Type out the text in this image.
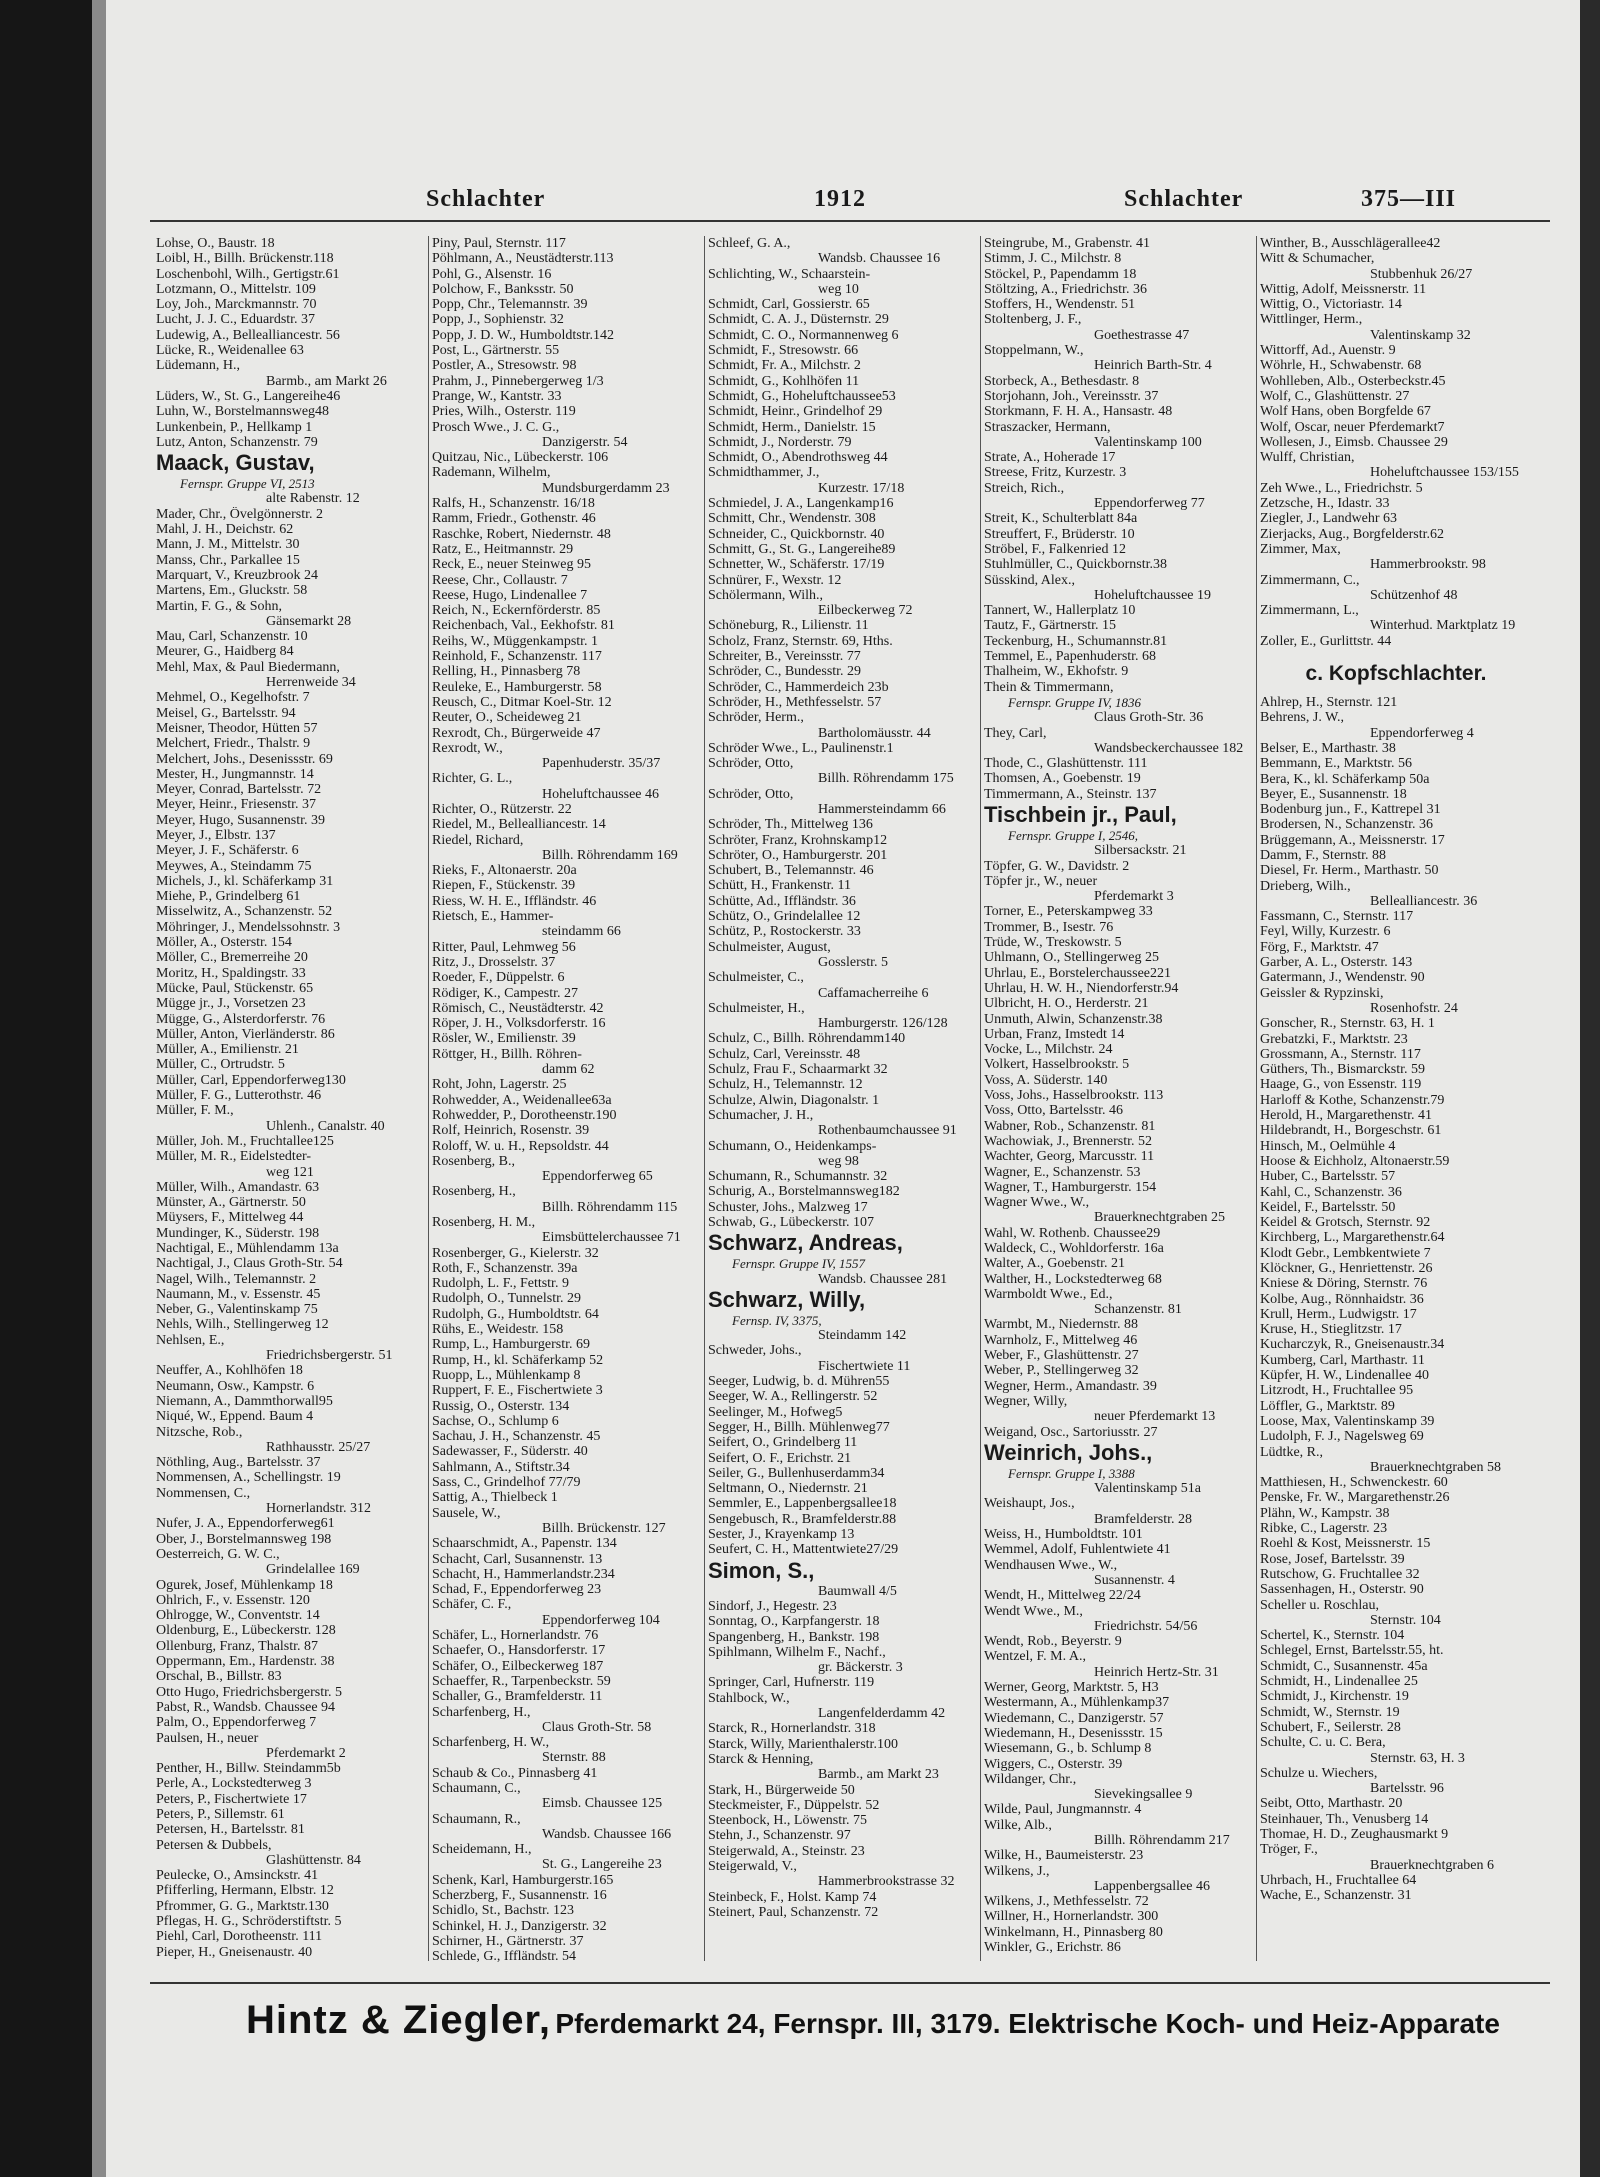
Schlachter	1912	Schlachter	375—III
Lohse, O., Baustr. 18
Loibl, H., Billh. Brückenstr.118
Loschenbohl, Wilh., Gertigstr.61
Lotzmann, O., Mittelstr. 109
Loy, Joh., Marckmannstr. 70
Lucht, J. J. C., Eduardstr. 37
Ludewig, A., Bellealliancestr. 56
Lücke, R., Weidenallee 63
Lüdemann, H.,
Barmb., am Markt 26
Lüders, W., St. G., Langereihe46
Luhn, W., Borstelmannsweg48
Lunkenbein, P., Hellkamp 1
Lutz, Anton, Schanzenstr. 79
Maack, Gustav,
Fernspr. Gruppe VI, 2513
alte Rabenstr. 12
Mader, Chr., Övelgönnerstr. 2
Mahl, J. H., Deichstr. 62
Mann, J. M., Mittelstr. 30
Manss, Chr., Parkallee 15
Marquart, V., Kreuzbrook 24
Martens, Em., Gluckstr. 58
Martin, F. G., & Sohn,
Gänsemarkt 28
Mau, Carl, Schanzenstr. 10
Meurer, G., Haidberg 84
Mehl, Max, & Paul Biedermann,
Herrenweide 34
Mehmel, O., Kegelhofstr. 7
Meisel, G., Bartelsstr. 94
Meisner, Theodor, Hütten 57
Melchert, Friedr., Thalstr. 9
Melchert, Johs., Desenissstr. 69
Mester, H., Jungmannstr. 14
Meyer, Conrad, Bartelsstr. 72
Meyer, Heinr., Friesenstr. 37
Meyer, Hugo, Susannenstr. 39
Meyer, J., Elbstr. 137
Meyer, J. F., Schäferstr. 6
Meywes, A., Steindamm 75
Michels, J., kl. Schäferkamp 31
Miehe, P., Grindelberg 61
Misselwitz, A., Schanzenstr. 52
Möhringer, J., Mendelssohnstr. 3
Möller, A., Osterstr. 154
Möller, C., Bremerreihe 20
Moritz, H., Spaldingstr. 33
Mücke, Paul, Stückenstr. 65
Mügge jr., J., Vorsetzen 23
Mügge, G., Alsterdorferstr. 76
Müller, Anton, Vierländerstr. 86
Müller, A., Emilienstr. 21
Müller, C., Ortrudstr. 5
Müller, Carl, Eppendorferweg130
Müller, F. G., Lutterothstr. 46
Müller, F. M.,
Uhlenh., Canalstr. 40
Müller, Joh. M., Fruchtallee125
Müller, M. R., Eidelstedter-
weg 121
Müller, Wilh., Amandastr. 63
Münster, A., Gärtnerstr. 50
Müysers, F., Mittelweg 44
Mundinger, K., Süderstr. 198
Nachtigal, E., Mühlendamm 13a
Nachtigal, J., Claus Groth-Str. 54
Nagel, Wilh., Telemannstr. 2
Naumann, M., v. Essenstr. 45
Neber, G., Valentinskamp 75
Nehls, Wilh., Stellingerweg 12
Nehlsen, E.,
Friedrichsbergerstr. 51
Neuffer, A., Kohlhöfen 18
Neumann, Osw., Kampstr. 6
Niemann, A., Dammthorwall95
Niqué, W., Eppend. Baum 4
Nitzsche, Rob.,
Rathhausstr. 25/27
Nöthling, Aug., Bartelsstr. 37
Nommensen, A., Schellingstr. 19
Nommensen, C.,
Hornerlandstr. 312
Nufer, J. A., Eppendorferweg61
Ober, J., Borstelmannsweg 198
Oesterreich, G. W. C.,
Grindelallee 169
Ogurek, Josef, Mühlenkamp 18
Ohlrich, F., v. Essenstr. 120
Ohlrogge, W., Conventstr. 14
Oldenburg, E., Lübeckerstr. 128
Ollenburg, Franz, Thalstr. 87
Oppermann, Em., Hardenstr. 38
Orschal, B., Billstr. 83
Otto Hugo, Friedrichsbergerstr. 5
Pabst, R., Wandsb. Chaussee 94
Palm, O., Eppendorferweg 7
Paulsen, H., neuer
Pferdemarkt 2
Penther, H., Billw. Steindamm5b
Perle, A., Lockstedterweg 3
Peters, P., Fischertwiete 17
Peters, P., Sillemstr. 61
Petersen, H., Bartelsstr. 81
Petersen & Dubbels,
Glashüttenstr. 84
Peulecke, O., Amsinckstr. 41
Pfifferling, Hermann, Elbstr. 12
Pfrommer, G. G., Marktstr.130
Pflegas, H. G., Schröderstiftstr. 5
Piehl, Carl, Dorotheenstr. 111
Pieper, H., Gneisenaustr. 40
Piny, Paul, Sternstr. 117
Pöhlmann, A., Neustädterstr.113
Pohl, G., Alsenstr. 16
Polchow, F., Banksstr. 50
Popp, Chr., Telemannstr. 39
Popp, J., Sophienstr. 32
Popp, J. D. W., Humboldtstr.142
Post, L., Gärtnerstr. 55
Postler, A., Stresowstr. 98
Prahm, J., Pinnebergerweg 1/3
Prange, W., Kantstr. 33
Pries, Wilh., Osterstr. 119
Prosch Wwe., J. C. G.,
Danzigerstr. 54
Quitzau, Nic., Lübeckerstr. 106
Rademann, Wilhelm,
Mundsburgerdamm 23
Ralfs, H., Schanzenstr. 16/18
Ramm, Friedr., Gothenstr. 46
Raschke, Robert, Niedernstr. 48
Ratz, E., Heitmannstr. 29
Reck, E., neuer Steinweg 95
Reese, Chr., Collaustr. 7
Reese, Hugo, Lindenallee 7
Reich, N., Eckernförderstr. 85
Reichenbach, Val., Eekhofstr. 81
Reihs, W., Müggenkampstr. 1
Reinhold, F., Schanzenstr. 117
Relling, H., Pinnasberg 78
Reuleke, E., Hamburgerstr. 58
Reusch, C., Ditmar Koel-Str. 12
Reuter, O., Scheideweg 21
Rexrodt, Ch., Bürgerweide 47
Rexrodt, W.,
Papenhuderstr. 35/37
Richter, G. L.,
Hoheluftchaussee 46
Richter, O., Rützerstr. 22
Riedel, M., Bellealliancestr. 14
Riedel, Richard,
Billh. Röhrendamm 169
Rieks, F., Altonaerstr. 20a
Riepen, F., Stückenstr. 39
Riess, W. H. E., Iffländstr. 46
Rietsch, E., Hammer-
steindamm 66
Ritter, Paul, Lehmweg 56
Ritz, J., Drosselstr. 37
Roeder, F., Düppelstr. 6
Rödiger, K., Campestr. 27
Römisch, C., Neustädterstr. 42
Röper, J. H., Volksdorferstr. 16
Rösler, W., Emilienstr. 39
Röttger, H., Billh. Röhren-
damm 62
Roht, John, Lagerstr. 25
Rohwedder, A., Weidenallee63a
Rohwedder, P., Dorotheenstr.190
Rolf, Heinrich, Rosenstr. 39
Roloff, W. u. H., Repsoldstr. 44
Rosenberg, B.,
Eppendorferweg 65
Rosenberg, H.,
Billh. Röhrendamm 115
Rosenberg, H. M.,
Eimsbüttelerchaussee 71
Rosenberger, G., Kielerstr. 32
Roth, F., Schanzenstr. 39a
Rudolph, L. F., Fettstr. 9
Rudolph, O., Tunnelstr. 29
Rudolph, G., Humboldtstr. 64
Rühs, E., Weidestr. 158
Rump, L., Hamburgerstr. 69
Rump, H., kl. Schäferkamp 52
Ruopp, L., Mühlenkamp 8
Ruppert, F. E., Fischertwiete 3
Russig, O., Osterstr. 134
Sachse, O., Schlump 6
Sachau, J. H., Schanzenstr. 45
Sadewasser, F., Süderstr. 40
Sahlmann, A., Stiftstr.34
Sass, C., Grindelhof 77/79
Sattig, A., Thielbeck 1
Sausele, W.,
Billh. Brückenstr. 127
Schaarschmidt, A., Papenstr. 134
Schacht, Carl, Susannenstr. 13
Schacht, H., Hammerlandstr.234
Schad, F., Eppendorferweg 23
Schäfer, C. F.,
Eppendorferweg 104
Schäfer, L., Hornerlandstr. 76
Schaefer, O., Hansdorferstr. 17
Schäfer, O., Eilbeckerweg 187
Schaeffer, R., Tarpenbeckstr. 59
Schaller, G., Bramfelderstr. 11
Scharfenberg, H.,
Claus Groth-Str. 58
Scharfenberg, H. W.,
Sternstr. 88
Schaub & Co., Pinnasberg 41
Schaumann, C.,
Eimsb. Chaussee 125
Schaumann, R.,
Wandsb. Chaussee 166
Scheidemann, H.,
St. G., Langereihe 23
Schenk, Karl, Hamburgerstr.165
Scherzberg, F., Susannenstr. 16
Schidlo, St., Bachstr. 123
Schinkel, H. J., Danzigerstr. 32
Schirner, H., Gärtnerstr. 37
Schlede, G., Iffländstr. 54
Schleef, G. A.,
Wandsb. Chaussee 16
Schlichting, W., Schaarstein-
weg 10
Schmidt, Carl, Gossierstr. 65
Schmidt, C. A. J., Düsternstr. 29
Schmidt, C. O., Normannenweg 6
Schmidt, F., Stresowstr. 66
Schmidt, Fr. A., Milchstr. 2
Schmidt, G., Kohlhöfen 11
Schmidt, G., Hoheluftchaussee53
Schmidt, Heinr., Grindelhof 29
Schmidt, Herm., Danielstr. 15
Schmidt, J., Norderstr. 79
Schmidt, O., Abendrothsweg 44
Schmidthammer, J.,
Kurzestr. 17/18
Schmiedel, J. A., Langenkamp16
Schmitt, Chr., Wendenstr. 308
Schneider, C., Quickbornstr. 40
Schmitt, G., St. G., Langereihe89
Schnetter, W., Schäferstr. 17/19
Schnürer, F., Wexstr. 12
Schölermann, Wilh.,
Eilbeckerweg 72
Schöneburg, R., Lilienstr. 11
Scholz, Franz, Sternstr. 69, Hths.
Schreiter, B., Vereinsstr. 77
Schröder, C., Bundesstr. 29
Schröder, C., Hammerdeich 23b
Schröder, H., Methfesselstr. 57
Schröder, Herm.,
Bartholomäusstr. 44
Schröder Wwe., L., Paulinenstr.1
Schröder, Otto,
Billh. Röhrendamm 175
Schröder, Otto,
Hammersteindamm 66
Schröder, Th., Mittelweg 136
Schröter, Franz, Krohnskamp12
Schröter, O., Hamburgerstr. 201
Schubert, B., Telemannstr. 46
Schütt, H., Frankenstr. 11
Schütte, Ad., Iffländstr. 36
Schütz, O., Grindelallee 12
Schütz, P., Rostockerstr. 33
Schulmeister, August,
Gosslerstr. 5
Schulmeister, C.,
Caffamacherreihe 6
Schulmeister, H.,
Hamburgerstr. 126/128
Schulz, C., Billh. Röhrendamm140
Schulz, Carl, Vereinsstr. 48
Schulz, Frau F., Schaarmarkt 32
Schulz, H., Telemannstr. 12
Schulze, Alwin, Diagonalstr. 1
Schumacher, J. H.,
Rothenbaumchaussee 91
Schumann, O., Heidenkamps-
weg 98
Schumann, R., Schumannstr. 32
Schurig, A., Borstelmannsweg182
Schuster, Johs., Malzweg 17
Schwab, G., Lübeckerstr. 107
Schwarz, Andreas,
Fernspr. Gruppe IV, 1557
Wandsb. Chaussee 281
Schwarz, Willy,
Fernsp. IV, 3375,
Steindamm 142
Schweder, Johs.,
Fischertwiete 11
Seeger, Ludwig, b. d. Mühren55
Seeger, W. A., Rellingerstr. 52
Seelinger, M., Hofweg5
Segger, H., Billh. Mühlenweg77
Seifert, O., Grindelberg 11
Seifert, O. F., Erichstr. 21
Seiler, G., Bullenhuserdamm34
Seltmann, O., Niedernstr. 21
Semmler, E., Lappenbergsallee18
Sengebusch, R., Bramfelderstr.88
Sester, J., Krayenkamp 13
Seufert, C. H., Mattentwiete27/29
Simon, S.,
Baumwall 4/5
Sindorf, J., Hegestr. 23
Sonntag, O., Karpfangerstr. 18
Spangenberg, H., Bankstr. 198
Spihlmann, Wilhelm F., Nachf.,
gr. Bäckerstr. 3
Springer, Carl, Hufnerstr. 119
Stahlbock, W.,
Langenfelderdamm 42
Starck, R., Hornerlandstr. 318
Starck, Willy, Marienthalerstr.100
Starck & Henning,
Barmb., am Markt 23
Stark, H., Bürgerweide 50
Steckmeister, F., Düppelstr. 52
Steenbock, H., Löwenstr. 75
Stehn, J., Schanzenstr. 97
Steigerwald, A., Steinstr. 23
Steigerwald, V.,
Hammerbrookstrasse 32
Steinbeck, F., Holst. Kamp 74
Steinert, Paul, Schanzenstr. 72
Steingrube, M., Grabenstr. 41
Stimm, J. C., Milchstr. 8
Stöckel, P., Papendamm 18
Stöltzing, A., Friedrichstr. 36
Stoffers, H., Wendenstr. 51
Stoltenberg, J. F.,
Goethestrasse 47
Stoppelmann, W.,
Heinrich Barth-Str. 4
Storbeck, A., Bethesdastr. 8
Storjohann, Joh., Vereinsstr. 37
Storkmann, F. H. A., Hansastr. 48
Straszacker, Hermann,
Valentinskamp 100
Strate, A., Hoherade 17
Streese, Fritz, Kurzestr. 3
Streich, Rich.,
Eppendorferweg 77
Streit, K., Schulterblatt 84a
Streuffert, F., Brüderstr. 10
Ströbel, F., Falkenried 12
Stuhlmüller, C., Quickbornstr.38
Süsskind, Alex.,
Hoheluftchaussee 19
Tannert, W., Hallerplatz 10
Tautz, F., Gärtnerstr. 15
Teckenburg, H., Schumannstr.81
Temmel, E., Papenhuderstr. 68
Thalheim, W., Ekhofstr. 9
Thein & Timmermann,
Fernspr. Gruppe IV, 1836
Claus Groth-Str. 36
They, Carl,
Wandsbeckerchaussee 182
Thode, C., Glashüttenstr. 111
Thomsen, A., Goebenstr. 19
Timmermann, A., Steinstr. 137
Tischbein jr., Paul,
Fernspr. Gruppe I, 2546,
Silbersackstr. 21
Töpfer, G. W., Davidstr. 2
Töpfer jr., W., neuer
Pferdemarkt 3
Torner, E., Peterskampweg 33
Trommer, B., Isestr. 76
Trüde, W., Treskowstr. 5
Uhlmann, O., Stellingerweg 25
Uhrlau, E., Borstelerchaussee221
Uhrlau, H. W. H., Niendorferstr.94
Ulbricht, H. O., Herderstr. 21
Unmuth, Alwin, Schanzenstr.38
Urban, Franz, Imstedt 14
Vocke, L., Milchstr. 24
Volkert, Hasselbrookstr. 5
Voss, A. Süderstr. 140
Voss, Johs., Hasselbrookstr. 113
Voss, Otto, Bartelsstr. 46
Wabner, Rob., Schanzenstr. 81
Wachowiak, J., Brennerstr. 52
Wachter, Georg, Marcusstr. 11
Wagner, E., Schanzenstr. 53
Wagner, T., Hamburgerstr. 154
Wagner Wwe., W.,
Brauerknechtgraben 25
Wahl, W. Rothenb. Chaussee29
Waldeck, C., Wohldorferstr. 16a
Walter, A., Goebenstr. 21
Walther, H., Lockstedterweg 68
Warmboldt Wwe., Ed.,
Schanzenstr. 81
Warmbt, M., Niedernstr. 88
Warnholz, F., Mittelweg 46
Weber, F., Glashüttenstr. 27
Weber, P., Stellingerweg 32
Wegner, Herm., Amandastr. 39
Wegner, Willy,
neuer Pferdemarkt 13
Weigand, Osc., Sartoriusstr. 27
Weinrich, Johs.,
Fernspr. Gruppe I, 3388
Valentinskamp 51a
Weishaupt, Jos.,
Bramfelderstr. 28
Weiss, H., Humboldtstr. 101
Wemmel, Adolf, Fuhlentwiete 41
Wendhausen Wwe., W.,
Susannenstr. 4
Wendt, H., Mittelweg 22/24
Wendt Wwe., M.,
Friedrichstr. 54/56
Wendt, Rob., Beyerstr. 9
Wentzel, F. M. A.,
Heinrich Hertz-Str. 31
Werner, Georg, Marktstr. 5, H3
Westermann, A., Mühlenkamp37
Wiedemann, C., Danzigerstr. 57
Wiedemann, H., Desenissstr. 15
Wiesemann, G., b. Schlump 8
Wiggers, C., Osterstr. 39
Wildanger, Chr.,
Sievekingsallee 9
Wilde, Paul, Jungmannstr. 4
Wilke, Alb.,
Billh. Röhrendamm 217
Wilke, H., Baumeisterstr. 23
Wilkens, J.,
Lappenbergsallee 46
Wilkens, J., Methfesselstr. 72
Willner, H., Hornerlandstr. 300
Winkelmann, H., Pinnasberg 80
Winkler, G., Erichstr. 86
Winther, B., Ausschlägerallee42
Witt & Schumacher,
Stubbenhuk 26/27
Wittig, Adolf, Meissnerstr. 11
Wittig, O., Victoriastr. 14
Wittlinger, Herm.,
Valentinskamp 32
Wittorff, Ad., Auenstr. 9
Wöhrle, H., Schwabenstr. 68
Wohlleben, Alb., Osterbeckstr.45
Wolf, C., Glashüttenstr. 27
Wolf Hans, oben Borgfelde 67
Wolf, Oscar, neuer Pferdemarkt7
Wollesen, J., Eimsb. Chaussee 29
Wulff, Christian,
Hoheluftchaussee 153/155
Zeh Wwe., L., Friedrichstr. 5
Zetzsche, H., Idastr. 33
Ziegler, J., Landwehr 63
Zierjacks, Aug., Borgfelderstr.62
Zimmer, Max,
Hammerbrookstr. 98
Zimmermann, C.,
Schützenhof 48
Zimmermann, L.,
Winterhud. Marktplatz 19
Zoller, E., Gurlittstr. 44
c. Kopfschlachter.
Ahlrep, H., Sternstr. 121
Behrens, J. W.,
Eppendorferweg 4
Belser, E., Marthastr. 38
Bemmann, E., Marktstr. 56
Bera, K., kl. Schäferkamp 50a
Beyer, E., Susannenstr. 18
Bodenburg jun., F., Kattrepel 31
Brodersen, N., Schanzenstr. 36
Brüggemann, A., Meissnerstr. 17
Damm, F., Sternstr. 88
Diesel, Fr. Herm., Marthastr. 50
Drieberg, Wilh.,
Bellealliancestr. 36
Fassmann, C., Sternstr. 117
Feyl, Willy, Kurzestr. 6
Förg, F., Marktstr. 47
Garber, A. L., Osterstr. 143
Gatermann, J., Wendenstr. 90
Geissler & Rypzinski,
Rosenhofstr. 24
Gonscher, R., Sternstr. 63, H. 1
Grebatzki, F., Marktstr. 23
Grossmann, A., Sternstr. 117
Güthers, Th., Bismarckstr. 59
Haage, G., von Essenstr. 119
Harloff & Kothe, Schanzenstr.79
Herold, H., Margarethenstr. 41
Hildebrandt, H., Borgeschstr. 61
Hinsch, M., Oelmühle 4
Hoose & Eichholz, Altonaerstr.59
Huber, C., Bartelsstr. 57
Kahl, C., Schanzenstr. 36
Keidel, F., Bartelsstr. 50
Keidel & Grotsch, Sternstr. 92
Kirchberg, L., Margarethenstr.64
Klodt Gebr., Lembkentwiete 7
Klöckner, G., Henriettenstr. 26
Kniese & Döring, Sternstr. 76
Kolbe, Aug., Rönnhaidstr. 36
Krull, Herm., Ludwigstr. 17
Kruse, H., Stieglitzstr. 17
Kucharczyk, R., Gneisenaustr.34
Kumberg, Carl, Marthastr. 11
Küpfer, H. W., Lindenallee 40
Litzrodt, H., Fruchtallee 95
Löffler, G., Marktstr. 89
Loose, Max, Valentinskamp 39
Ludolph, F. J., Nagelsweg 69
Lüdtke, R.,
Brauerknechtgraben 58
Matthiesen, H., Schwenckestr. 60
Penske, Fr. W., Margarethenstr.26
Plähn, W., Kampstr. 38
Ribke, C., Lagerstr. 23
Roehl & Kost, Meissnerstr. 15
Rose, Josef, Bartelsstr. 39
Rutschow, G. Fruchtallee 32
Sassenhagen, H., Osterstr. 90
Scheller u. Roschlau,
Sternstr. 104
Schertel, K., Sternstr. 104
Schlegel, Ernst, Bartelsstr.55, ht.
Schmidt, C., Susannenstr. 45a
Schmidt, H., Lindenallee 25
Schmidt, J., Kirchenstr. 19
Schmidt, W., Sternstr. 19
Schubert, F., Seilerstr. 28
Schulte, C. u. C. Bera,
Sternstr. 63, H. 3
Schulze u. Wiechers,
Bartelsstr. 96
Seibt, Otto, Marthastr. 20
Steinhauer, Th., Venusberg 14
Thomae, H. D., Zeughausmarkt 9
Tröger, F.,
Brauerknechtgraben 6
Uhrbach, H., Fruchtallee 64
Wache, E., Schanzenstr. 31
Hintz & Ziegler, Pferdemarkt 24, Fernspr. III, 3179. Elektrische Koch- und Heiz-Apparate
